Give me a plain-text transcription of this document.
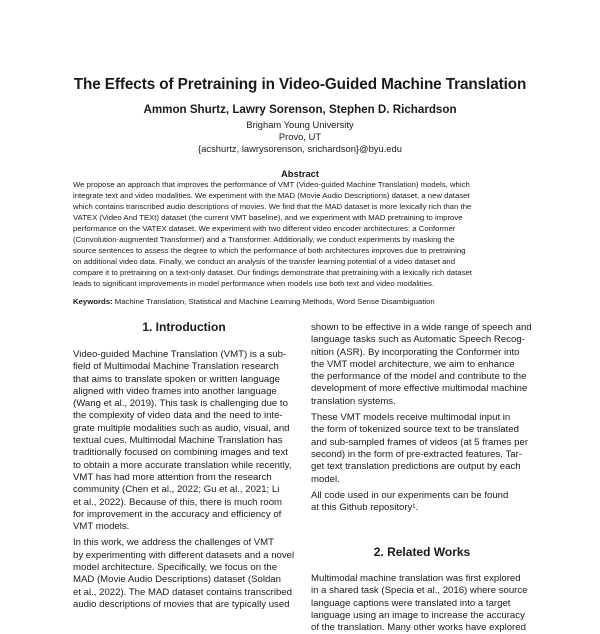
The Effects of Pretraining in Video-Guided Machine Translation
Ammon Shurtz, Lawry Sorenson, Stephen D. Richardson
Brigham Young University
Provo, UT
{acshurtz, lawrysorenson, srichardson}@byu.edu
Abstract
We propose an approach that improves the performance of VMT (Video-guided Machine Translation) models, which
integrate text and video modalities. We experiment with the MAD (Movie Audio Descriptions) dataset, a new dataset
which contains transcribed audio descriptions of movies. We find that the MAD dataset is more lexically rich than the
VATEX (Video And TEXt) dataset (the current VMT baseline), and we experiment with MAD pretraining to improve
performance on the VATEX dataset. We experiment with two different video encoder architectures: a Conformer
(Convolution-augmented Transformer) and a Transformer. Additionally, we conduct experiments by masking the
source sentences to assess the degree to which the performance of both architectures improves due to pretraining
on additional video data. Finally, we conduct an analysis of the transfer learning potential of a video dataset and
compare it to pretraining on a text-only dataset. Our findings demonstrate that pretraining with a lexically rich dataset
leads to significant improvements in model performance when models use both text and video modalities.
Keywords: Machine Translation, Statistical and Machine Learning Methods, Word Sense Disambiguation
1. Introduction
Video-guided Machine Translation (VMT) is a sub-
field of Multimodal Machine Translation research
that aims to translate spoken or written language
aligned with video frames into another language
(Wang et al., 2019). This task is challenging due to
the complexity of video data and the need to inte-
grate multiple modalities such as audio, visual, and
textual cues. Multimodal Machine Translation has
traditionally focused on combining images and text
to obtain a more accurate translation while recently,
VMT has had more attention from the research
community (Chen et al., 2022; Gu et al., 2021; Li
et al., 2022). Because of this, there is much room
for improvement in the accuracy and efficiency of
VMT models.
In this work, we address the challenges of VMT
by experimenting with different datasets and a novel
model architecture. Specifically, we focus on the
MAD (Movie Audio Descriptions) dataset (Soldan
et al., 2022). The MAD dataset contains transcribed
audio descriptions of movies that are typically used
shown to be effective in a wide range of speech and
language tasks such as Automatic Speech Recog-
nition (ASR). By incorporating the Conformer into
the VMT model architecture, we aim to enhance
the performance of the model and contribute to the
development of more effective multimodal machine
translation systems.
These VMT models receive multimodal input in
the form of tokenized source text to be translated
and sub-sampled frames of videos (at 5 frames per
second) in the form of pre-extracted features. Tar-
get text translation predictions are output by each
model.
All code used in our experiments can be found
at this Github repository¹.
2. Related Works
Multimodal machine translation was first explored
in a shared task (Specia et al., 2016) where source
language captions were translated into a target
language using an image to increase the accuracy
of the translation. Many other works have explored
